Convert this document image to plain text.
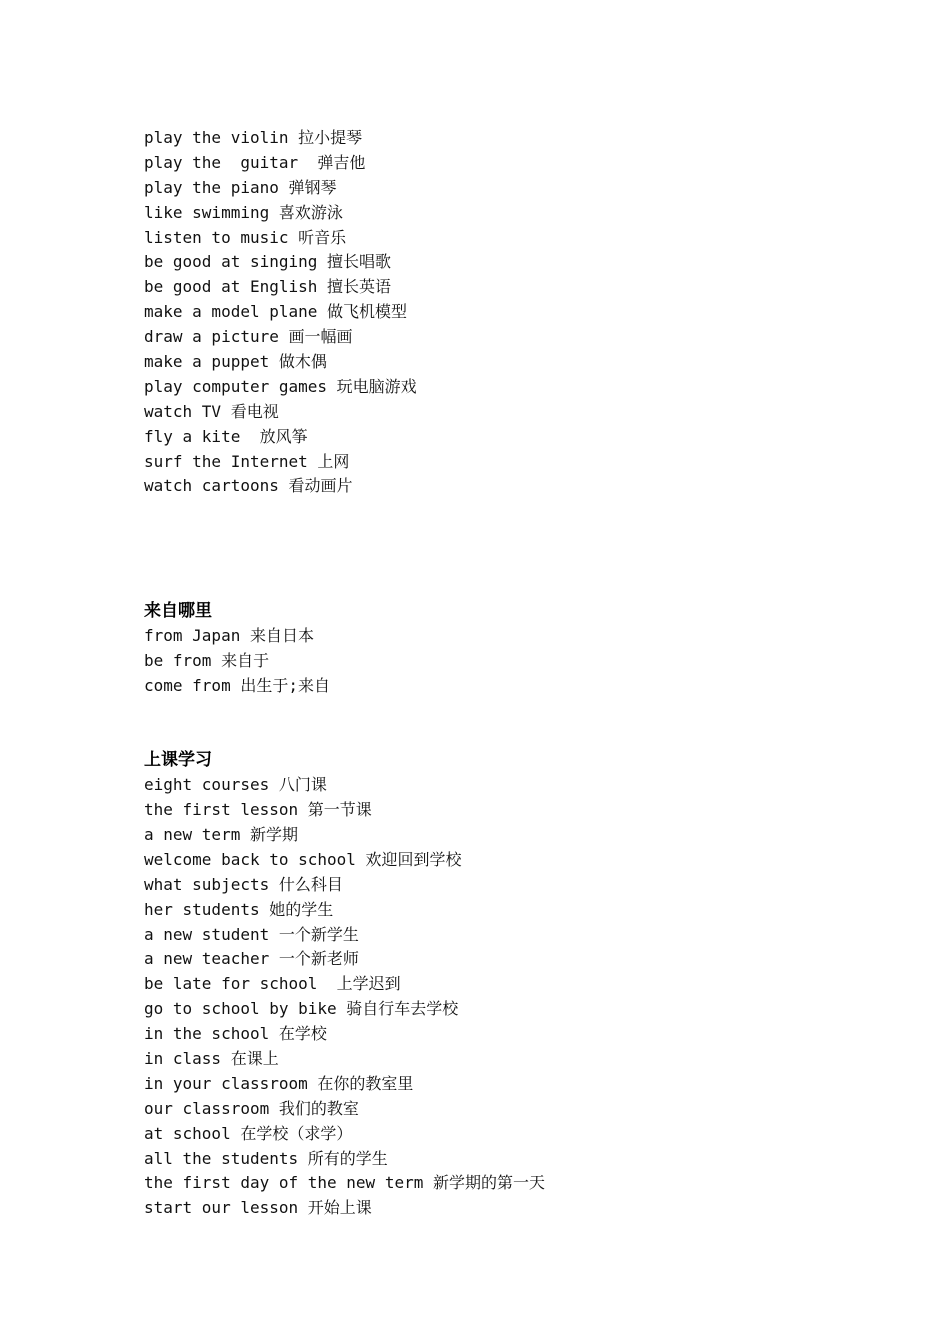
play the violin 拉小提琴
play the  guitar  弹吉他
play the piano 弹钢琴
like swimming 喜欢游泳
listen to music 听音乐
be good at singing 擅长唱歌
be good at English 擅长英语
make a model plane 做飞机模型
draw a picture 画一幅画
make a puppet 做木偶
play computer games 玩电脑游戏
watch TV 看电视
fly a kite  放风筝
surf the Internet 上网
watch cartoons 看动画片
来自哪里
from Japan 来自日本
be from 来自于
come from 出生于;来自
上课学习
eight courses 八门课
the first lesson 第一节课
a new term 新学期
welcome back to school 欢迎回到学校
what subjects 什么科目
her students 她的学生
a new student 一个新学生
a new teacher 一个新老师
be late for school  上学迟到
go to school by bike 骑自行车去学校
in the school 在学校
in class 在课上
in your classroom 在你的教室里
our classroom 我们的教室
at school 在学校（求学）
all the students 所有的学生
the first day of the new term 新学期的第一天
start our lesson 开始上课
